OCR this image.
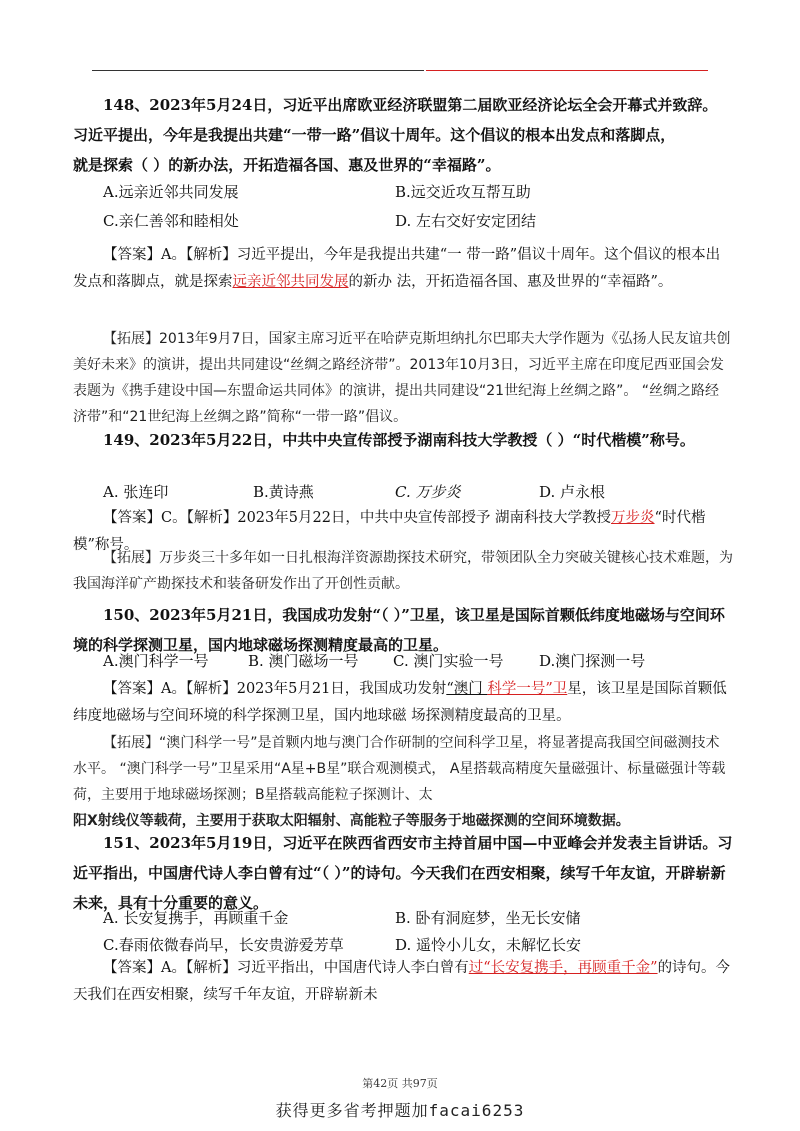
148、2023年5月24日，习近平出席欧亚经济联盟第二届欧亚经济论坛全会开幕式并致辞。

习近平提出，今年是我提出共建“一带一路”倡议十周年。这个倡议的根本出发点和落脚点，

就是探索（ ）的新办法，开拓造福各国、惠及世界的“幸福路”。

A.远亲近邻共同发展	B.远交近攻互帮互助
C.亲仁善邻和睦相处	D. 左右交好安定团结

【答案】A。【解析】习近平提出，今年是我提出共建“一 带一路”倡议十周年。这个倡议的根本出发点和落脚点，就是探索远亲近邻共同发展的新办 法，开拓造福各国、惠及世界的“幸福路”。

【拓展】2013年9月7日，国家主席习近平在哈萨克斯坦纳扎尔巴耶夫大学作题为《弘扬人民友谊共创美好未来》的演讲，提出共同建设“丝绸之路经济带”。2013年10月3日，习近平主席在印度尼西亚国会发表题为《携手建设中国—东盟命运共同体》的演讲，提出共同建设“21世纪海上丝绸之路”。 “丝绸之路经济带”和“21世纪海上丝绸之路”简称“一带一路”倡议。

149、2023年5月22日，中共中央宣传部授予湖南科技大学教授（ ）“时代楷模”称号。

A. 张连印	B.黄诗燕	C. 万步炎	D. 卢永根

【答案】C。【解析】2023年5月22日，中共中央宣传部授予 湖南科技大学教授万步炎“时代楷模”称号。

【拓展】万步炎三十多年如一日扎根海洋资源勘探技术研究，带领团队全力突破关键核心技术难题，为我国海洋矿产勘探技术和装备研发作出了开创性贡献。

150、2023年5月21日，我国成功发射“（ ）”卫星，该卫星是国际首颗低纬度地磁场与空间环境的科学探测卫星，国内地球磁场探测精度最高的卫星。

A.澳门科学一号	B. 澳门磁场一号 C. 澳门实验一号 D.澳门探测一号

【答案】A。【解析】2023年5月21日，我国成功发射“澳门 科学一号”卫星，该卫星是国际首颗低纬度地磁场与空间环境的科学探测卫星，国内地球磁 场探测精度最高的卫星。

【拓展】“澳门科学一号”是首颗内地与澳门合作研制的空间科学卫星，将显著提高我国空间磁测技术水平。 “澳门科学一号”卫星采用“A星+B星”联合观测模式， A星搭载高精度矢量磁强计、标量磁强计等载荷，主要用于地球磁场探测；B星搭载高能粒子探测计、太

阳X射线仪等载荷，主要用于获取太阳辐射、高能粒子等服务于地磁探测的空间环境数据。

151、2023年5月19日，习近平在陕西省西安市主持首届中国—中亚峰会并发表主旨讲话。习近平指出，中国唐代诗人李白曾有过“（ ）”的诗句。今天我们在西安相聚，续写千年友谊，开辟崭新未来，具有十分重要的意义。

A. 长安复携手，再顾重千金	B. 卧有洞庭梦，坐无长安储
C.春雨依微春尚早，长安贵游爱芳草	D. 遥怜小儿女，未解忆长安

【答案】A。【解析】习近平指出，中国唐代诗人李白曾有过“长安复携手，再顾重千金”的诗句。今天我们在西安相聚，续写千年友谊，开辟崭新未

第42页 共97页
获得更多省考押题加facai6253
